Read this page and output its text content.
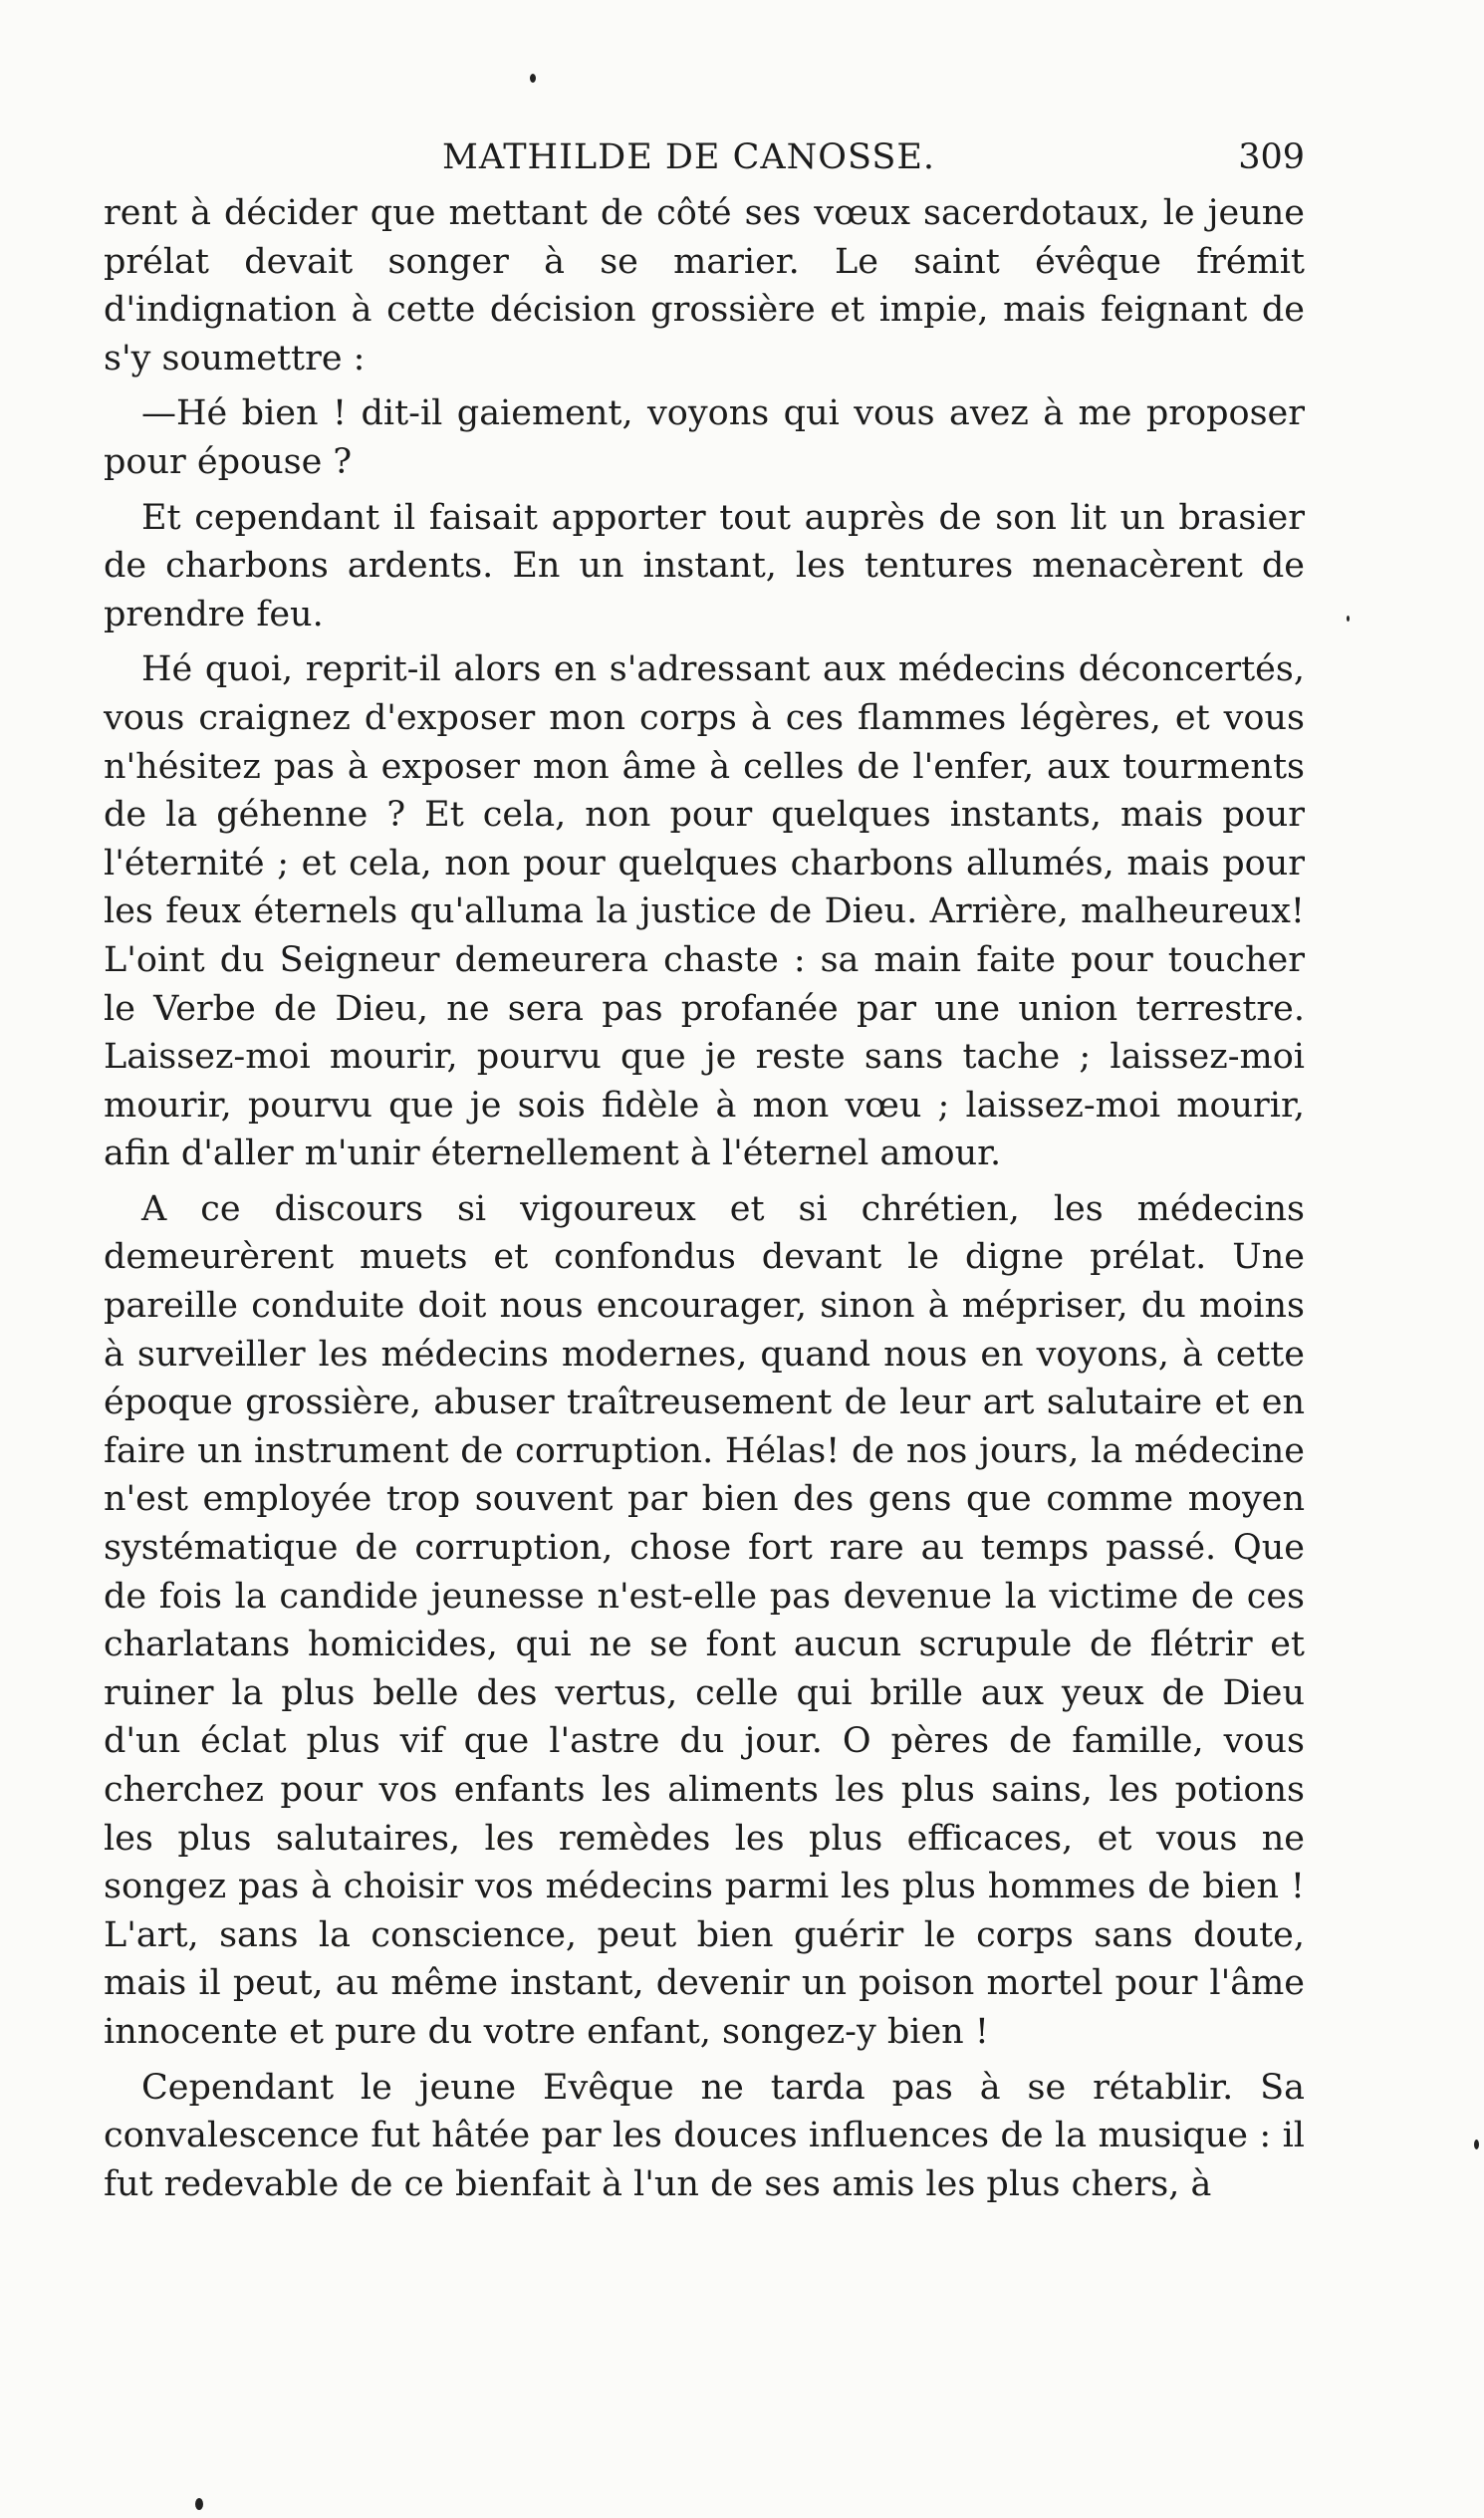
MATHILDE DE CANOSSE.	309

rent à décider que mettant de côté ses vœux sacerdotaux, le jeune prélat devait songer à se marier. Le saint évêque frémit d'indignation à cette décision grossière et impie, mais feignant de s'y soumettre :

—Hé bien ! dit-il gaiement, voyons qui vous avez à me proposer pour épouse ?

Et cependant il faisait apporter tout auprès de son lit un brasier de charbons ardents. En un instant, les tentures menacèrent de prendre feu.

Hé quoi, reprit-il alors en s'adressant aux médecins déconcertés, vous craignez d'exposer mon corps à ces flammes légères, et vous n'hésitez pas à exposer mon âme à celles de l'enfer, aux tourments de la géhenne ? Et cela, non pour quelques instants, mais pour l'éternité ; et cela, non pour quelques charbons allumés, mais pour les feux éternels qu'alluma la justice de Dieu. Arrière, malheureux! L'oint du Seigneur demeurera chaste : sa main faite pour toucher le Verbe de Dieu, ne sera pas profanée par une union terrestre. Laissez-moi mourir, pourvu que je reste sans tache ; laissez-moi mourir, pourvu que je sois fidèle à mon vœu ; laissez-moi mourir, afin d'aller m'unir éternellement à l'éternel amour.

A ce discours si vigoureux et si chrétien, les médecins demeurèrent muets et confondus devant le digne prélat. Une pareille conduite doit nous encourager, sinon à mépriser, du moins à surveiller les médecins modernes, quand nous en voyons, à cette époque grossière, abuser traîtreusement de leur art salutaire et en faire un instrument de corruption. Hélas! de nos jours, la médecine n'est employée trop souvent par bien des gens que comme moyen systématique de corruption, chose fort rare au temps passé. Que de fois la candide jeunesse n'est-elle pas devenue la victime de ces charlatans homicides, qui ne se font aucun scrupule de flétrir et ruiner la plus belle des vertus, celle qui brille aux yeux de Dieu d'un éclat plus vif que l'astre du jour. O pères de famille, vous cherchez pour vos enfants les aliments les plus sains, les potions les plus salutaires, les remèdes les plus efficaces, et vous ne songez pas à choisir vos médecins parmi les plus hommes de bien ! L'art, sans la conscience, peut bien guérir le corps sans doute, mais il peut, au même instant, devenir un poison mortel pour l'âme innocente et pure du votre enfant, songez-y bien !

Cependant le jeune Evêque ne tarda pas à se rétablir. Sa convalescence fut hâtée par les douces influences de la musique : il fut redevable de ce bienfait à l'un de ses amis les plus chers, à
